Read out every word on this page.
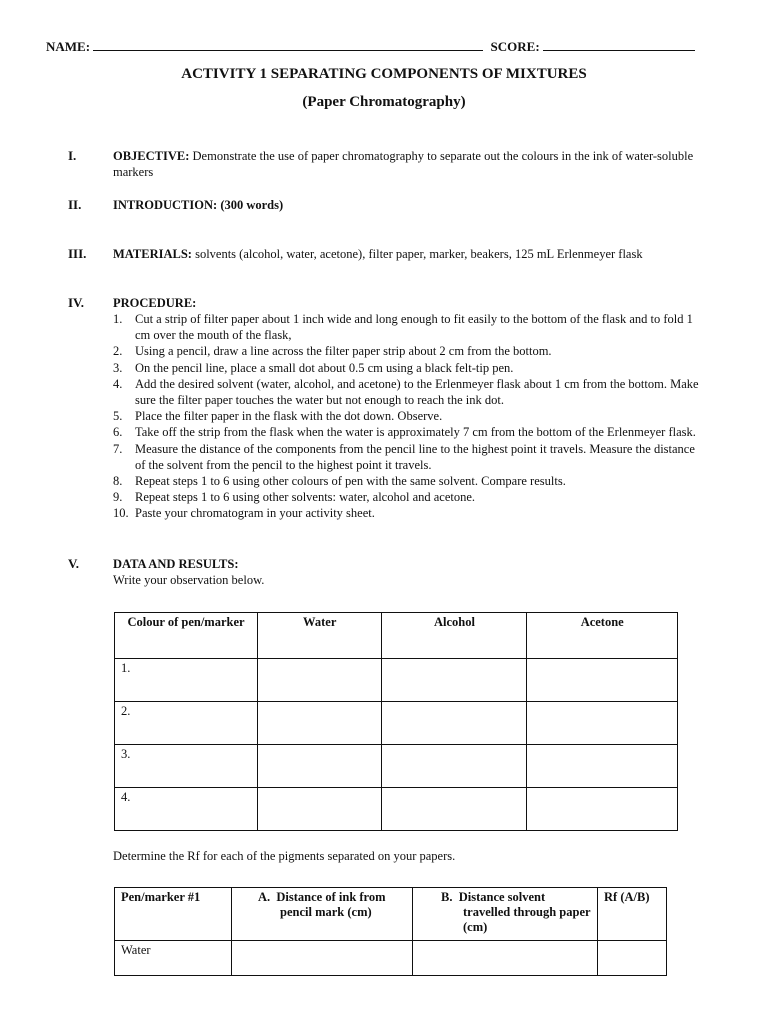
NAME:	SCORE:
ACTIVITY 1 SEPARATING COMPONENTS OF MIXTURES
(Paper Chromatography)
I.	OBJECTIVE: Demonstrate the use of paper chromatography to separate out the colours in the ink of water-soluble markers
II.	INTRODUCTION: (300 words)
III. MATERIALS: solvents (alcohol, water, acetone), filter paper, marker, beakers, 125 mL Erlenmeyer flask
IV. PROCEDURE:
1. Cut a strip of filter paper about 1 inch wide and long enough to fit easily to the bottom of the flask and to fold 1 cm over the mouth of the flask,
2. Using a pencil, draw a line across the filter paper strip about 2 cm from the bottom.
3. On the pencil line, place a small dot about 0.5 cm using a black felt-tip pen.
4. Add the desired solvent (water, alcohol, and acetone) to the Erlenmeyer flask about 1 cm from the bottom. Make sure the filter paper touches the water but not enough to reach the ink dot.
5. Place the filter paper in the flask with the dot down. Observe.
6. Take off the strip from the flask when the water is approximately 7 cm from the bottom of the Erlenmeyer flask.
7. Measure the distance of the components from the pencil line to the highest point it travels. Measure the distance of the solvent from the pencil to the highest point it travels.
8. Repeat steps 1 to 6 using other colours of pen with the same solvent. Compare results.
9. Repeat steps 1 to 6 using other solvents: water, alcohol and acetone.
10. Paste your chromatogram in your activity sheet.
V.	DATA AND RESULTS:
Write your observation below.
Colour of pen/marker	Water	Alcohol	Acetone
1.			
2.			
3.			
4.			
Determine the Rf for each of the pigments separated on your papers.
Pen/marker #1	A. Distance of ink from pencil mark (cm)	B. Distance solvent travelled through paper (cm)	Rf (A/B)
Water			
